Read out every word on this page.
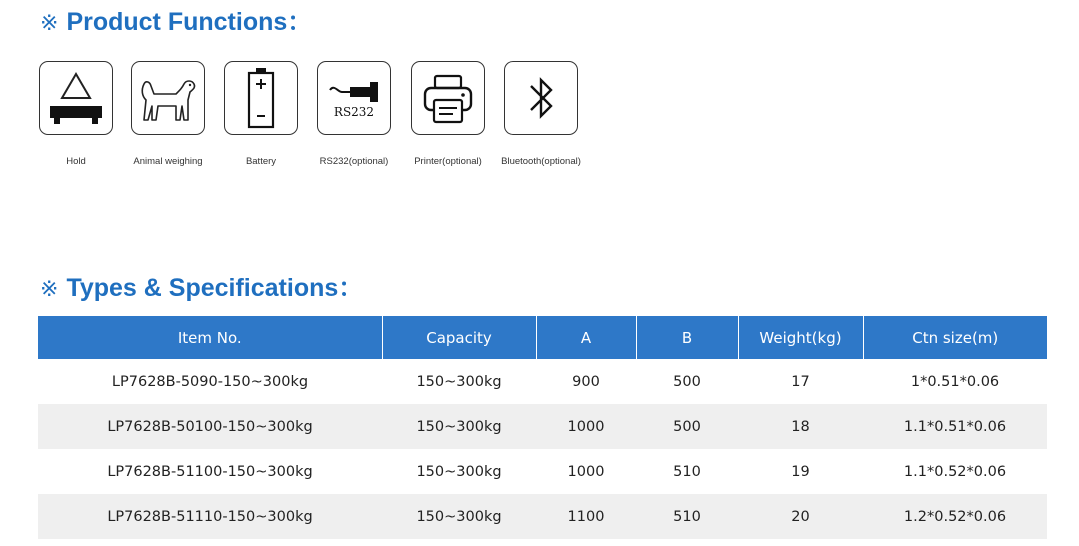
※ Product Functions：
Hold	Animal weighing	Battery
RS232
RS232(optional)	Printer(optional)	Bluetooth(optional)
※ Types & Specifications：
Item No.	Capacity	A	B	Weight(kg)	Ctn size(m)
LP7628B-5090-150~300kg	150~300kg	900	500	17	1*0.51*0.06
LP7628B-50100-150~300kg	150~300kg	1000	500	18	1.1*0.51*0.06
LP7628B-51100-150~300kg	150~300kg	1000	510	19	1.1*0.52*0.06
LP7628B-51110-150~300kg	150~300kg	1100	510	20	1.2*0.52*0.06
